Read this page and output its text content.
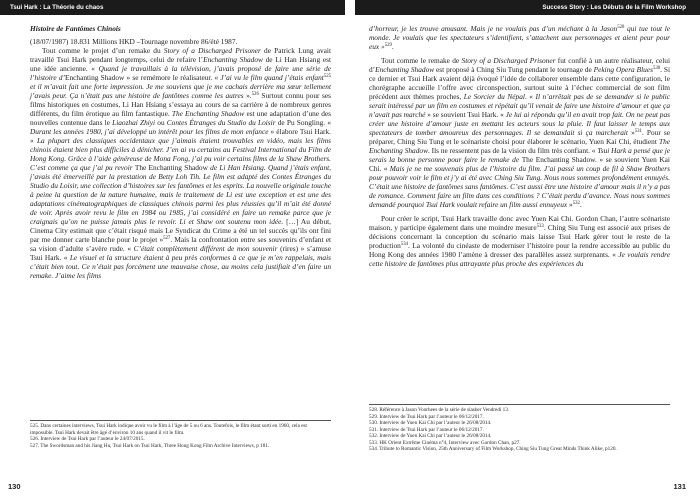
Tsui Hark : La Théorie du chaos	Success Story : Les Débuts de la Film Workshop

Histoire de Fantômes Chinois

(18/07/1987) 18.831 Millions HKD –Tournage novembre 86/été 1987.

Tout comme le projet d’un remake du Story of a Discharged Prisoner de Patrick Lung avait travaillé Tsui Hark pendant longtemps, celui de refaire l’Enchanting Shadow de Li Han Hsiang est une idée ancienne. « Quand je travaillais à la télévision, j’avais proposé de faire une série de l’histoire d’Enchanting Shadow » se remémore le réalisateur. « J’ai vu le film quand j’étais enfant$^{525}$ et il m’avait fait une forte impression. Je me souviens que je me cachais derrière ma sœur tellement j’avais peur. Ça n’était pas une histoire de fantômes comme les autres ».$^{526}$ Surtout connu pour ses films historiques en costumes, Li Han Hsiang s’essaya au cours de sa carrière à de nombreux genres différents, du film érotique au film fantastique. The Enchanting Shadow est une adaptation d’une des nouvelles contenue dans le Liaozhai Zhiyi ou Contes Étranges du Studio du Loisir de Pu Songling. « Durant les années 1980, j’ai développé un intérêt pour les films de mon enfance » élabore Tsui Hark. « La plupart des classiques occidentaux que j’aimais étaient trouvables en vidéo, mais les films chinois étaient bien plus difficiles à dénicher. J’en ai vu certains au Festival International du Film de Hong Kong. Grâce à l’aide généreuse de Mona Fong, j’ai pu voir certains films de la Shaw Brothers. C’est comme ça que j’ai pu revoir The Enchanting Shadow de Li Han Hsiang. Quand j’étais enfant, j’avais été émerveillé par la prestation de Betty Loh Tih. Le film est adapté des Contes Étranges du Studio du Loisir, une collection d’histoires sur les fantômes et les esprits. La nouvelle originale touche à peine la question de la nature humaine, mais le traitement de Li est une exception et est une des adaptations cinématographiques de classiques chinois parmi les plus réussies qu’il m’ait été donné de voir. Après avoir revu le film en 1984 ou 1985, j’ai considéré en faire un remake parce que je craignais qu’on ne puisse jamais plus le revoir. Li et Shaw ont soutenu mon idée. […] Au début, Cinema City estimait que c’était risqué mais Le Syndicat du Crime a été un tel succès qu’ils ont fini par me donner carte blanche pour le projet »$^{527}$. Mais la confrontation entre ses souvenirs d’enfant et sa vision d’adulte s’avère rude. « C’était complètement différent de mon souvenir (rires) » s’amuse Tsui Hark. « Le visuel et la structure étaient à peu près conformes à ce que je m’en rappelais, mais c’était bien tout. Ce n’était pas forcément une mauvaise chose, au moins cela justifiait d’en faire un remake. J’aime les films

525. Dans certaines interviews, Tsui Hark indique avoir vu le film à l’âge de 5 ou 6 ans. Toutefois, le film étant sorti en 1960, cela est impossible. Tsui Hark devait être âgé d’environ 10 ans quand il vit le film.

526. Interview de Tsui Hark par l’auteur le 24/07/2015.

527. The Swordsman and his Jiang Hu, Tsui Hark on Tsui Hark, Three Hong Kong Film Archive Interviews, p 181.

130

d’horreur, je les trouve amusant. Mais je ne voulais pas d’un méchant à la Jason$^{528}$ qui tue tout le monde. Je voulais que les spectateurs s’identifient, s’attachent aux personnages et aient peur pour eux »$^{529}$.

Tout comme le remake de Story of a Discharged Prisoner fut confié à un autre réalisateur, celui d’Enchanting Shadow est proposé à Ching Siu Tung pendant le tournage de Peking Opera Blues$^{530}$. Si ce dernier et Tsui Hark avaient déjà évoqué l’idée de collaborer ensemble dans cette configuration, le chorégraphe accueille l’offre avec circonspection, surtout suite à l’échec commercial de son film précédent aux thèmes proches, Le Sorcier du Népal. « Il n’arrêtait pas de se demander si le public serait intéressé par un film en costumes et répétait qu’il venait de faire une histoire d’amour et que ça n’avait pas marché » se souvient Tsui Hark. « Je lui ai répondu qu’il en avait trop fait. On ne peut pas créer une histoire d’amour juste en mettant les acteurs sous la pluie. Il faut laisser le temps aux spectateurs de tomber amoureux des personnages. Il se demandait si ça marcherait »$^{531}$. Pour se préparer, Ching Siu Tung et le scénariste choisi pour élaborer le scénario, Yuen Kai Chi, étudient The Enchanting Shadow. Ils ne ressentent pas de la vision du film très confiant. « Tsui Hark a pensé que je serais la bonne personne pour faire le remake de The Enchanting Shadow. » se souvient Yuen Kai Chi. « Mais je ne me souvenais plus de l’histoire du film. J’ai passé un coup de fil à Shaw Brothers pour pouvoir voir le film et j’y ai été avec Ching Siu Tung. Nous nous sommes profondément ennuyés. C’était une histoire de fantômes sans fantômes. C’est aussi être une histoire d’amour mais il n’y a pas de romance. Comment faire un film dans ces conditions ? C’était perdu d’avance. Nous nous sommes demandé pourquoi Tsui Hark voulait refaire un film aussi ennuyeux »$^{532}$.

Pour créer le script, Tsui Hark travaille donc avec Yuen Kai Chi. Gordon Chan, l’autre scénariste maison, y participe également dans une moindre mesure$^{533}$. Ching Siu Tung est associé aux prises de décisions concernant la conception du scénario mais laisse Tsui Hark gérer tout le reste de la production$^{534}$. La volonté du cinéaste de moderniser l’histoire pour la rendre accessible au public du Hong Kong des années 1980 l’amène à dresser des parallèles assez surprenants. « Je voulais rendre cette histoire de fantômes plus attrayante plus proche des expériences du

528. Référence à Jason Voorhees de la série de slasher Vendredi 13.

529. Interview de Tsui Hark par l’auteur le 06/12/2017.

530. Interview de Yuen Kai Chi par l’auteur le 26/08/2014.

531. Interview de Tsui Hark par l’auteur le 06/12/2017.

532. Interview de Yuen Kai Chi par l’auteur le 26/08/2014.

533. HK Orient Extrême Cinéma n°4, Interview avec Gordon Chan, p27.

534. Tribute to Romantic Vision, 25th Anniversary of Film Workshop, Ching Siu Tung Great Minds Think Alike, p120.

131
